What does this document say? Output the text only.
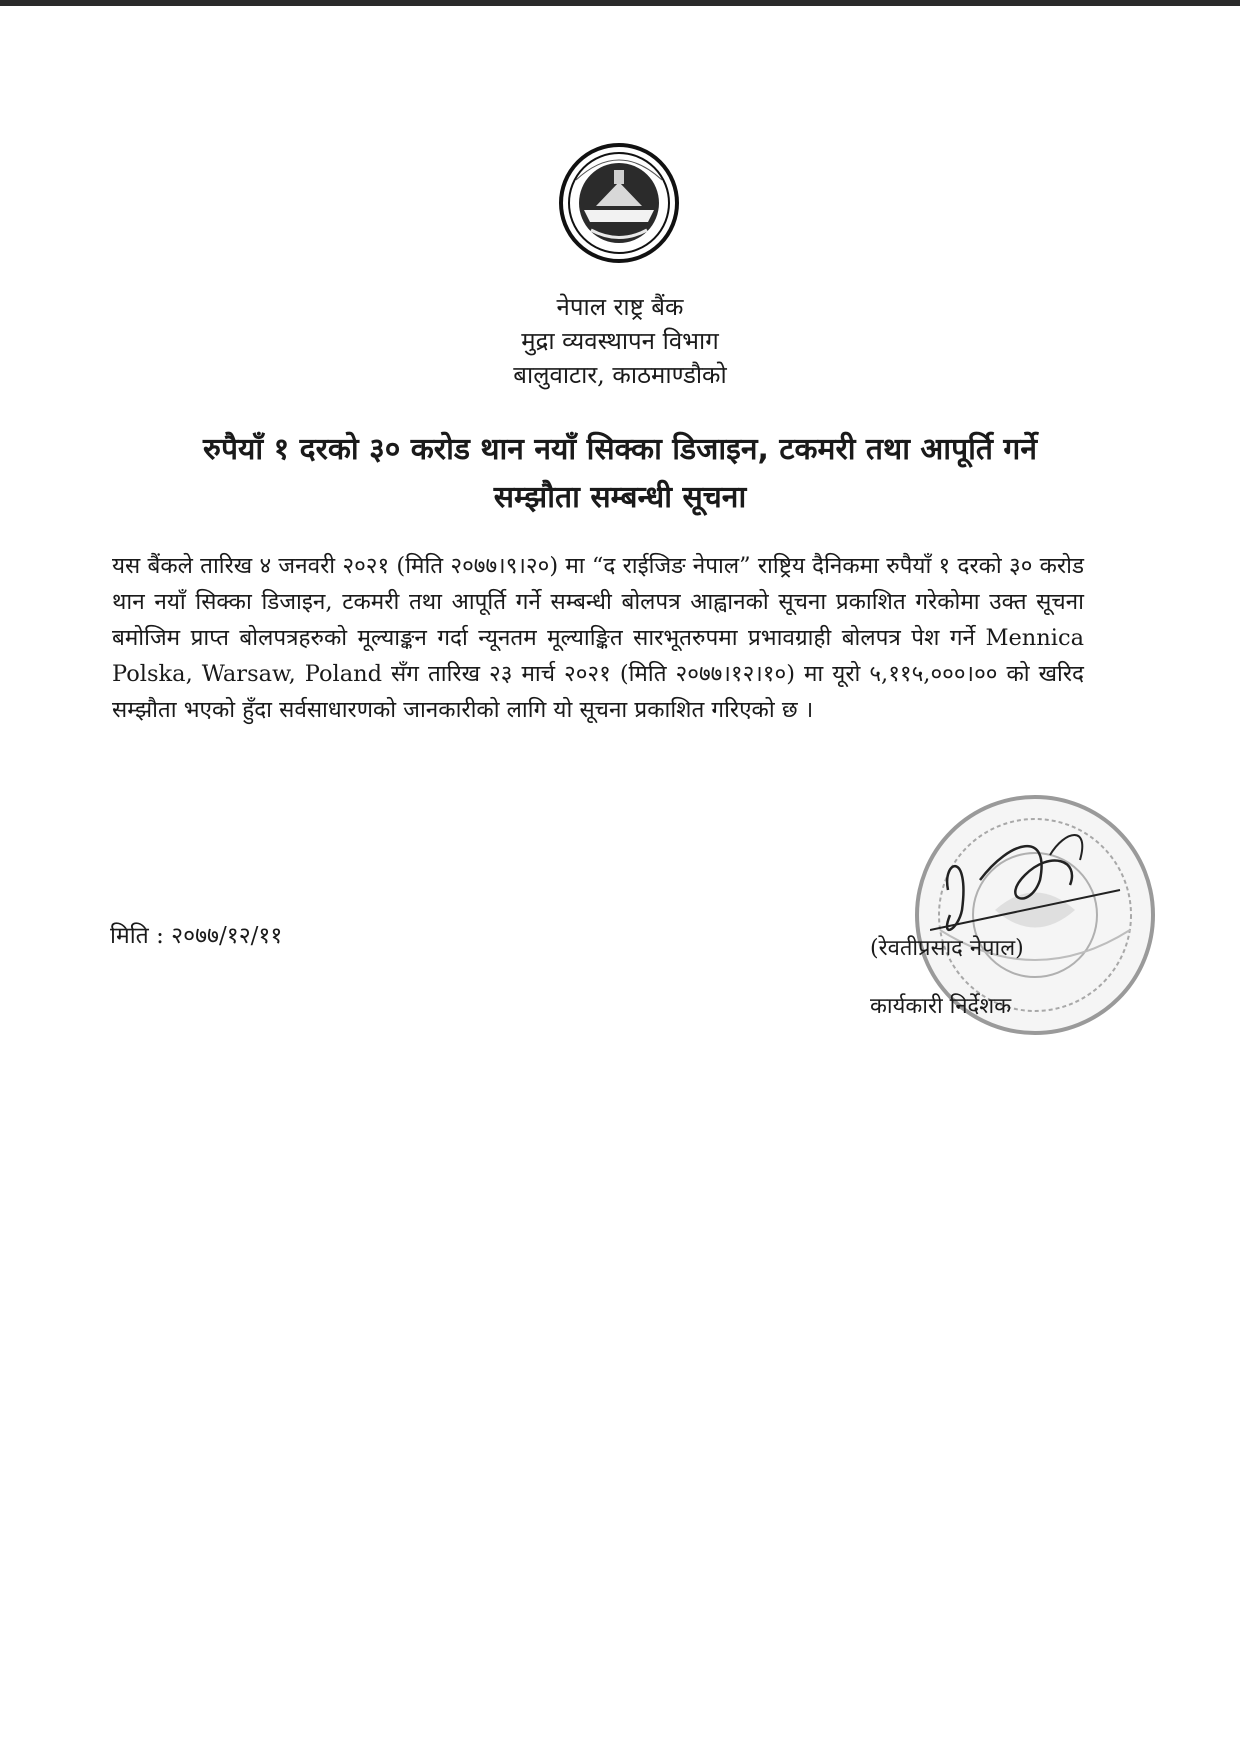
नेपाल राष्ट्र बैंक
मुद्रा व्यवस्थापन विभाग
बालुवाटार, काठमाण्डौको
रुपैयाँ १ दरको ३० करोड थान नयाँ सिक्का डिजाइन, टकमरी तथा आपूर्ति गर्ने
सम्झौता सम्बन्धी सूचना
यस बैंकले तारिख ४ जनवरी २०२१ (मिति २०७७।९।२०) मा “द राईजिङ नेपाल” राष्ट्रिय दैनिकमा रुपैयाँ १ दरको ३० करोड थान नयाँ सिक्का डिजाइन, टकमरी तथा आपूर्ति गर्ने सम्बन्धी बोलपत्र आह्वानको सूचना प्रकाशित गरेकोमा उक्त सूचना बमोजिम प्राप्त बोलपत्रहरुको मूल्याङ्कन गर्दा न्यूनतम मूल्याङ्कित सारभूतरुपमा प्रभावग्राही बोलपत्र पेश गर्ने Mennica Polska, Warsaw, Poland सँग तारिख २३ मार्च २०२१ (मिति २०७७।१२।१०) मा यूरो ५,११५,०००।०० को खरिद सम्झौता भएको हुँदा सर्वसाधारणको जानकारीको लागि यो सूचना प्रकाशित गरिएको छ ।
मिति : २०७७/१२/११	(रेवतीप्रसाद नेपाल)
कार्यकारी निर्देशक
